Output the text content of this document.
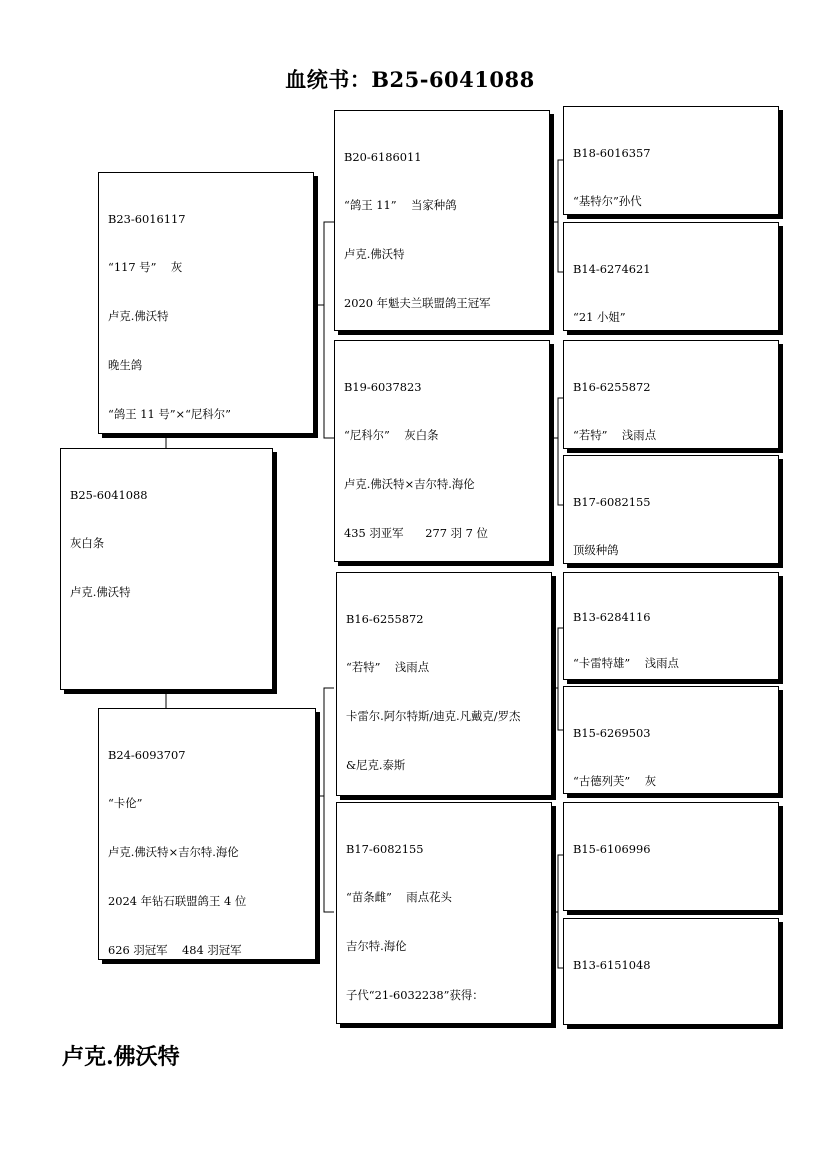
血统书：B25-6041088

B25-6041088

灰白条

卢克.佛沃特

B23-6016117

“117 号”    灰

卢克.佛沃特

晚生鸽

“鸽王 11 号”×“尼科尔”

B24-6093707

“卡伦”

卢克.佛沃特×吉尔特.海伦

2024 年钻石联盟鸽王 4 位

626 羽冠军    484 羽冠军

B20-6186011

“鸽王 11”    当家种鸽

卢克.佛沃特

2020 年魁夫兰联盟鸽王冠军

B19-6037823

“尼科尔”    灰白条

卢克.佛沃特×吉尔特.海伦

435 羽亚军      277 羽 7 位

B16-6255872

“若特”    浅雨点

卡雷尔.阿尔特斯/迪克.凡戴克/罗杰

&尼克.泰斯

B17-6082155

“苗条雌”    雨点花头

吉尔特.海伦

子代“21-6032238”获得：

B18-6016357

“基特尔”孙代

B14-6274621

“21 小姐”

B16-6255872

“若特”    浅雨点

B17-6082155

顶级种鸽

B13-6284116

“卡雷特雄”    浅雨点

B15-6269503

“古德列芙”    灰

B15-6106996

B13-6151048

卢克.佛沃特
